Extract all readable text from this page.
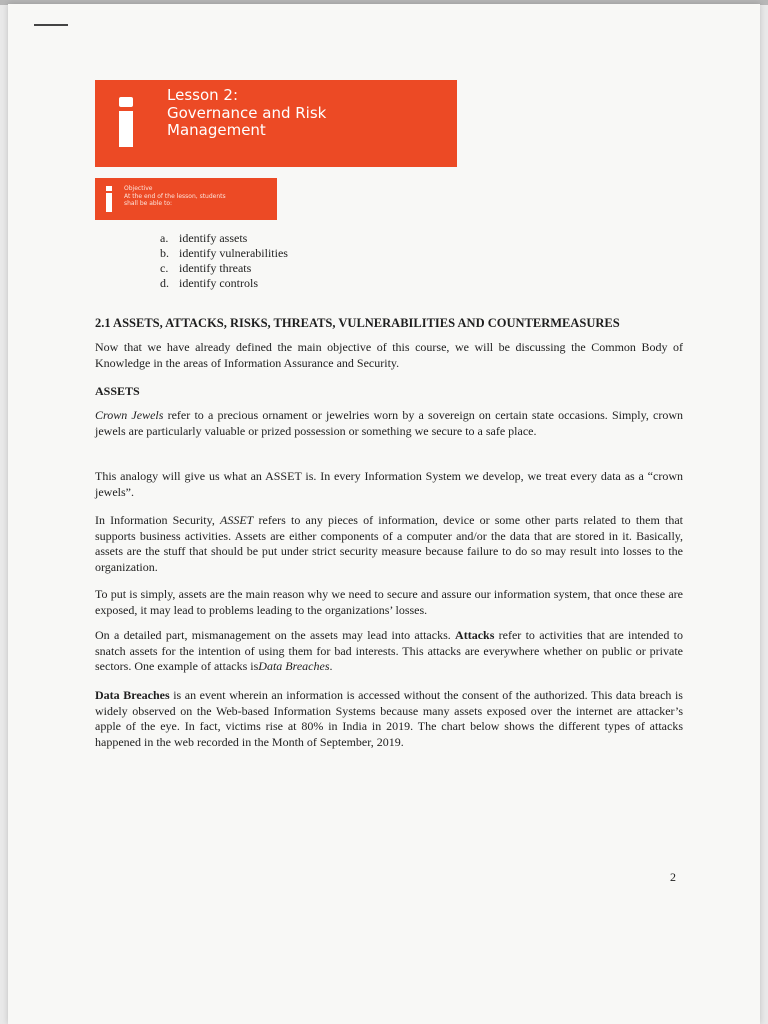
Lesson 2:
Governance and Risk
Management
Objective
At the end of the lesson, students
shall be able to:
a. identify assets
b. identify vulnerabilities
c. identify threats
d. identify controls
2.1 ASSETS, ATTACKS, RISKS, THREATS, VULNERABILITIES AND COUNTERMEASURES
Now that we have already defined the main objective of this course, we will be discussing the Common Body of Knowledge in the areas of Information Assurance and Security.
ASSETS
Crown Jewels refer to a precious ornament or jewelries worn by a sovereign on certain state occasions. Simply, crown jewels are particularly valuable or prized possession or something we secure to a safe place.
This analogy will give us what an ASSET is. In every Information System we develop, we treat every data as a “crown jewels”.
In Information Security, ASSET refers to any pieces of information, device or some other parts related to them that supports business activities. Assets are either components of a computer and/or the data that are stored in it. Basically, assets are the stuff that should be put under strict security measure because failure to do so may result into losses to the organization.
To put is simply, assets are the main reason why we need to secure and assure our information system, that once these are exposed, it may lead to problems leading to the organizations’ losses.
On a detailed part, mismanagement on the assets may lead into attacks. Attacks refer to activities that are intended to snatch assets for the intention of using them for bad interests. This attacks are everywhere whether on public or private sectors. One example of attacks isData Breaches.
Data Breaches is an event wherein an information is accessed without the consent of the authorized. This data breach is widely observed on the Web-based Information Systems because many assets exposed over the internet are attacker’s apple of the eye. In fact, victims rise at 80% in India in 2019. The chart below shows the different types of attacks happened in the web recorded in the Month of September, 2019.
2
